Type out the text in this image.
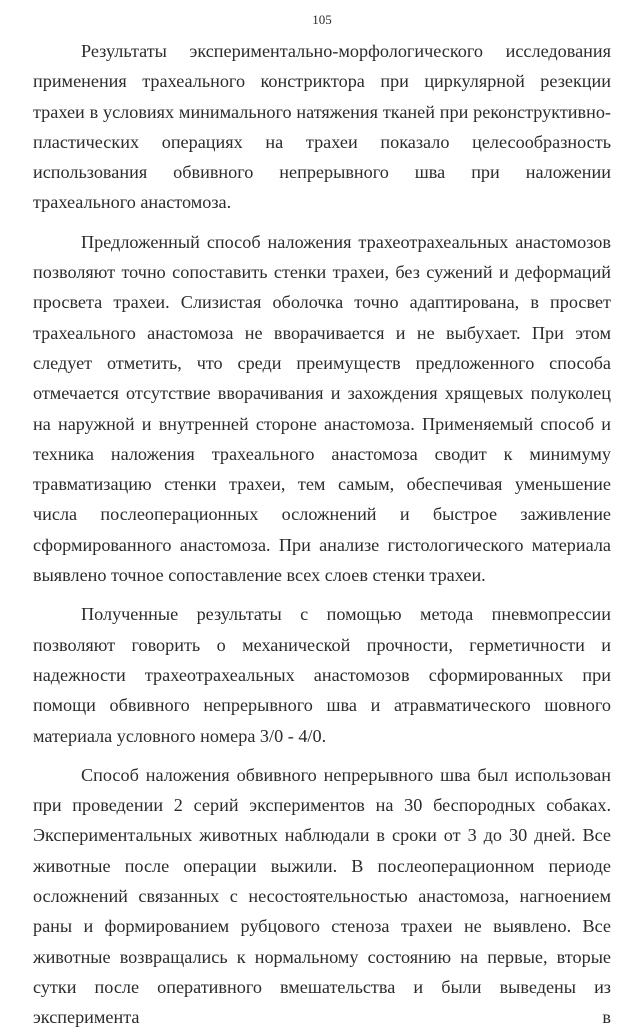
105

Результаты экспериментально-морфологического исследования применения трахеального констриктора при циркулярной резекции трахеи в условиях минимального натяжения тканей при реконструктивно-пластических операциях на трахеи показало целесообразность использования обвивного непрерывного шва при наложении трахеального анастомоза.

Предложенный способ наложения трахеотрахеальных анастомозов позволяют точно сопоставить стенки трахеи, без сужений и деформаций просвета трахеи. Слизистая оболочка точно адаптирована, в просвет трахеального анастомоза не вворачивается и не выбухает. При этом следует отметить, что среди преимуществ предложенного способа отмечается отсутствие вворачивания и захождения хрящевых полуколец на наружной и внутренней стороне анастомоза. Применяемый способ и техника наложения трахеального анастомоза сводит к минимуму травматизацию стенки трахеи, тем самым, обеспечивая уменьшение числа послеоперационных осложнений и быстрое заживление сформированного анастомоза. При анализе гистологического материала выявлено точное сопоставление всех слоев стенки трахеи.

Полученные результаты с помощью метода пневмопрессии позволяют говорить о механической прочности, герметичности и надежности трахеотрахеальных анастомозов сформированных при помощи обвивного непрерывного шва и атравматического шовного материала условного номера 3/0 - 4/0.

Способ наложения обвивного непрерывного шва был использован при проведении 2 серий экспериментов на 30 беспородных собаках. Экспериментальных животных наблюдали в сроки от 3 до 30 дней. Все животные после операции выжили. В послеоперационном периоде осложнений связанных с несостоятельностью анастомоза, нагноением раны и формированием рубцового стеноза трахеи не выявлено. Все животные возвращались к нормальному состоянию на первые, вторые сутки после оперативного вмешательства и были выведены из эксперимента в
